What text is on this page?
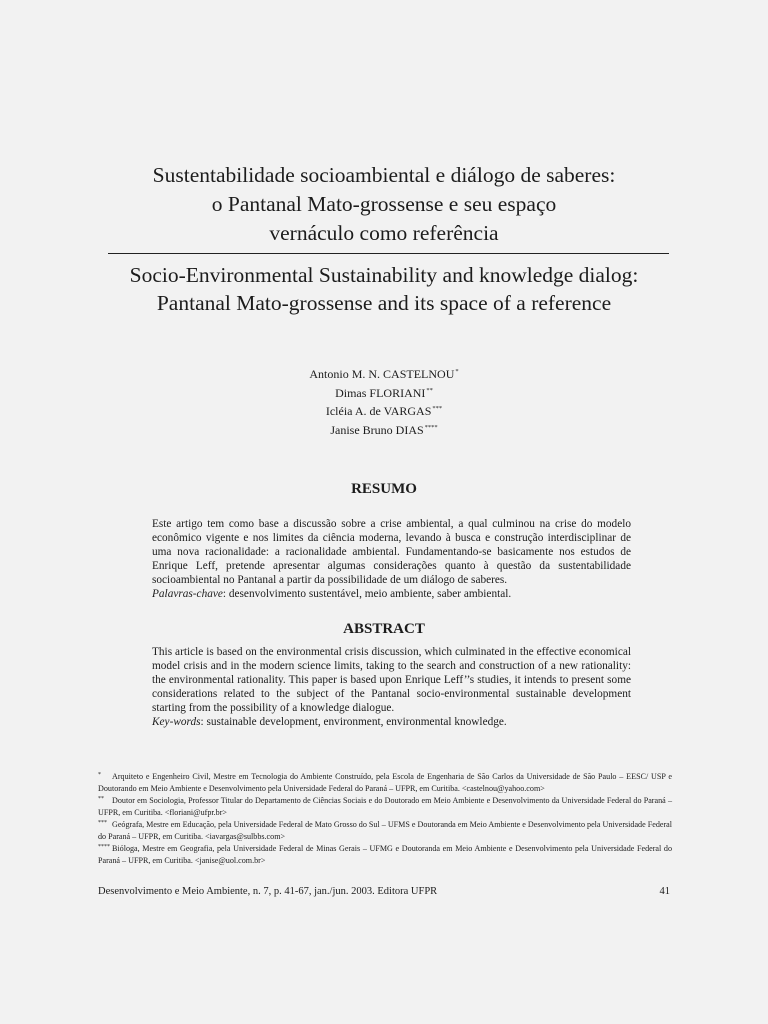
Sustentabilidade socioambiental e diálogo de saberes:
o Pantanal Mato-grossense e seu espaço
vernáculo como referência
Socio-Environmental Sustainability and knowledge dialog:
Pantanal Mato-grossense and its space of a reference
Antonio M. N. CASTELNOU*
Dimas FLORIANI**
Icléia A. de VARGAS***
Janise Bruno DIAS****
RESUMO

Este artigo tem como base a discussão sobre a crise ambiental, a qual culminou na crise do modelo econômico vigente e nos limites da ciência moderna, levando à busca e construção interdisciplinar de uma nova racionalidade: a racionalidade ambiental. Fundamentando-se basicamente nos estudos de Enrique Leff, pretende apresentar algumas considerações quanto à questão da sustentabilidade socioambiental no Pantanal a partir da possibilidade de um diálogo de saberes.

Palavras-chave: desenvolvimento sustentável, meio ambiente, saber ambiental.

ABSTRACT

This article is based on the environmental crisis discussion, which culminated in the effective economical model crisis and in the modern science limits, taking to the search and construction of a new rationality: the environmental rationality. This paper is based upon Enrique Leff’’s studies, it intends to present some considerations related to the subject of the Pantanal socio-environmental sustainable development starting from the possibility of a knowledge dialogue.

Key-words: sustainable development, environment, environmental knowledge.

* Arquiteto e Engenheiro Civil, Mestre em Tecnologia do Ambiente Construído, pela Escola de Engenharia de São Carlos da Universidade de São Paulo – EESC/ USP e Doutorando em Meio Ambiente e Desenvolvimento pela Universidade Federal do Paraná – UFPR, em Curitiba. <castelnou@yahoo.com>

** Doutor em Sociologia, Professor Titular do Departamento de Ciências Sociais e do Doutorado em Meio Ambiente e Desenvolvimento da Universidade Federal do Paraná – UFPR, em Curitiba. <floriani@ufpr.br>

*** Geógrafa, Mestre em Educação, pela Universidade Federal de Mato Grosso do Sul – UFMS e Doutoranda em Meio Ambiente e Desenvolvimento pela Universidade Federal do Paraná – UFPR, em Curitiba. <iavargas@sulbbs.com>

**** Bióloga, Mestre em Geografia, pela Universidade Federal de Minas Gerais – UFMG e Doutoranda em Meio Ambiente e Desenvolvimento pela Universidade Federal do Paraná – UFPR, em Curitiba. <janise@uol.com.br>

Desenvolvimento e Meio Ambiente, n. 7, p. 41-67, jan./jun. 2003. Editora UFPR	41
